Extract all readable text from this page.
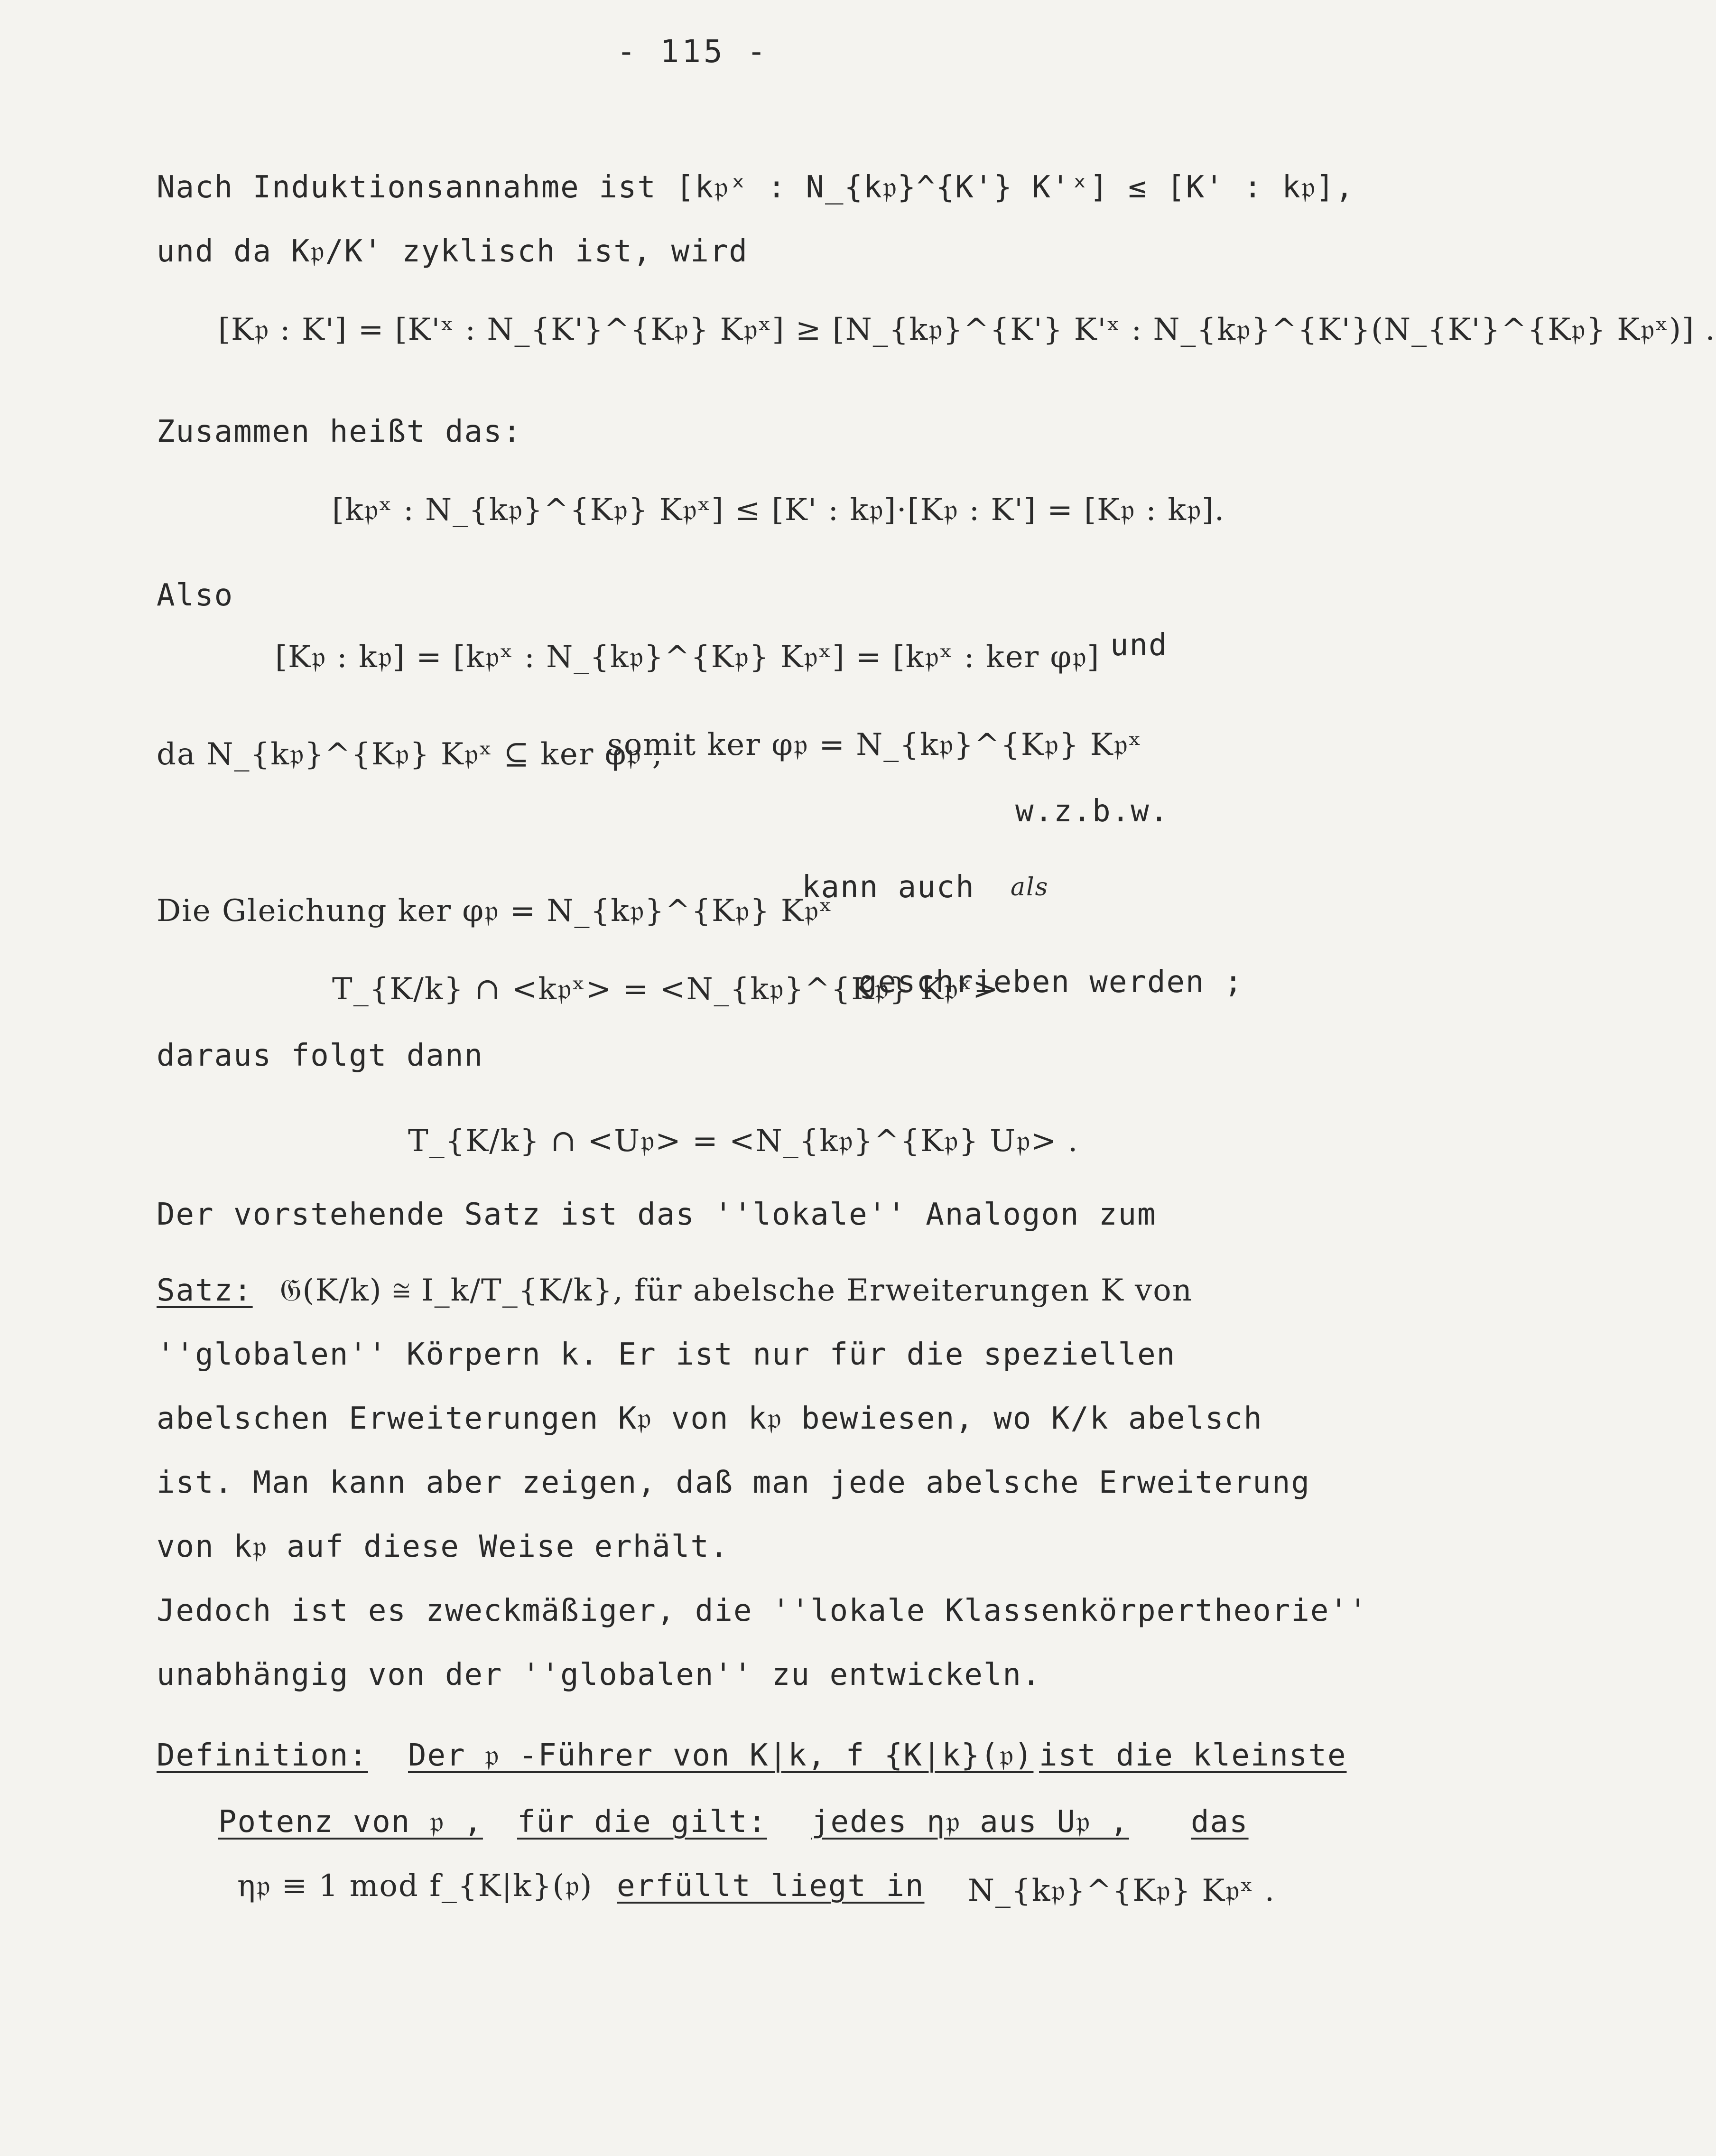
- 115 -
Nach Induktionsannahme ist [k𝔭ˣ : N_{k𝔭}^{K'} K'ˣ] ≤ [K' : k𝔭],
und da K𝔭/K' zyklisch ist, wird
[K𝔭 : K'] = [K'ˣ : N_{K'}^{K𝔭} K𝔭ˣ] ≥ [N_{k𝔭}^{K'} K'ˣ : N_{k𝔭}^{K'}(N_{K'}^{K𝔭} K𝔭ˣ)] .
Zusammen heißt das:
[k𝔭ˣ : N_{k𝔭}^{K𝔭} K𝔭ˣ] ≤ [K' : k𝔭]·[K𝔭 : K'] = [K𝔭 : k𝔭].
Also
[K𝔭 : k𝔭] = [k𝔭ˣ : N_{k𝔭}^{K𝔭} K𝔭ˣ] = [k𝔭ˣ : ker φ𝔭] und
da N_{k𝔭}^{K𝔭} K𝔭ˣ ⊆ ker φ𝔭 ,
somit ker φ𝔭 = N_{k𝔭}^{K𝔭} K𝔭ˣ
w.z.b.w.
Die Gleichung ker φ𝔭 = N_{k𝔭}^{K𝔭} K𝔭ˣ
kann auch als
T_{K/k} ∩ <k𝔭ˣ> = <N_{k𝔭}^{K𝔭} K𝔭ˣ>
geschrieben werden ;
daraus folgt dann
T_{K/k} ∩ <U𝔭> = <N_{k𝔭}^{K𝔭} U𝔭> .
Der vorstehende Satz ist das ''lokale'' Analogon zum
Satz: 𝔊(K/k) ≅ I_k/T_{K/k}, für abelsche Erweiterungen K von
''globalen'' Körpern k. Er ist nur für die speziellen
abelschen Erweiterungen K𝔭 von k𝔭 bewiesen, wo K/k abelsch
ist. Man kann aber zeigen, daß man jede abelsche Erweiterung
von k𝔭 auf diese Weise erhält.
Jedoch ist es zweckmäßiger, die ''lokale Klassenkörpertheorie''
unabhängig von der ''globalen'' zu entwickeln.
Definition: Der 𝔭 -Führer von K|k, f_{K|k}(𝔭) ist die kleinste
Potenz von 𝔭 , für die gilt: jedes η𝔭 aus U𝔭 , das
η𝔭 ≡ 1 mod f_{K|k}(𝔭) erfüllt liegt in N_{k𝔭}^{K𝔭} K𝔭ˣ .
